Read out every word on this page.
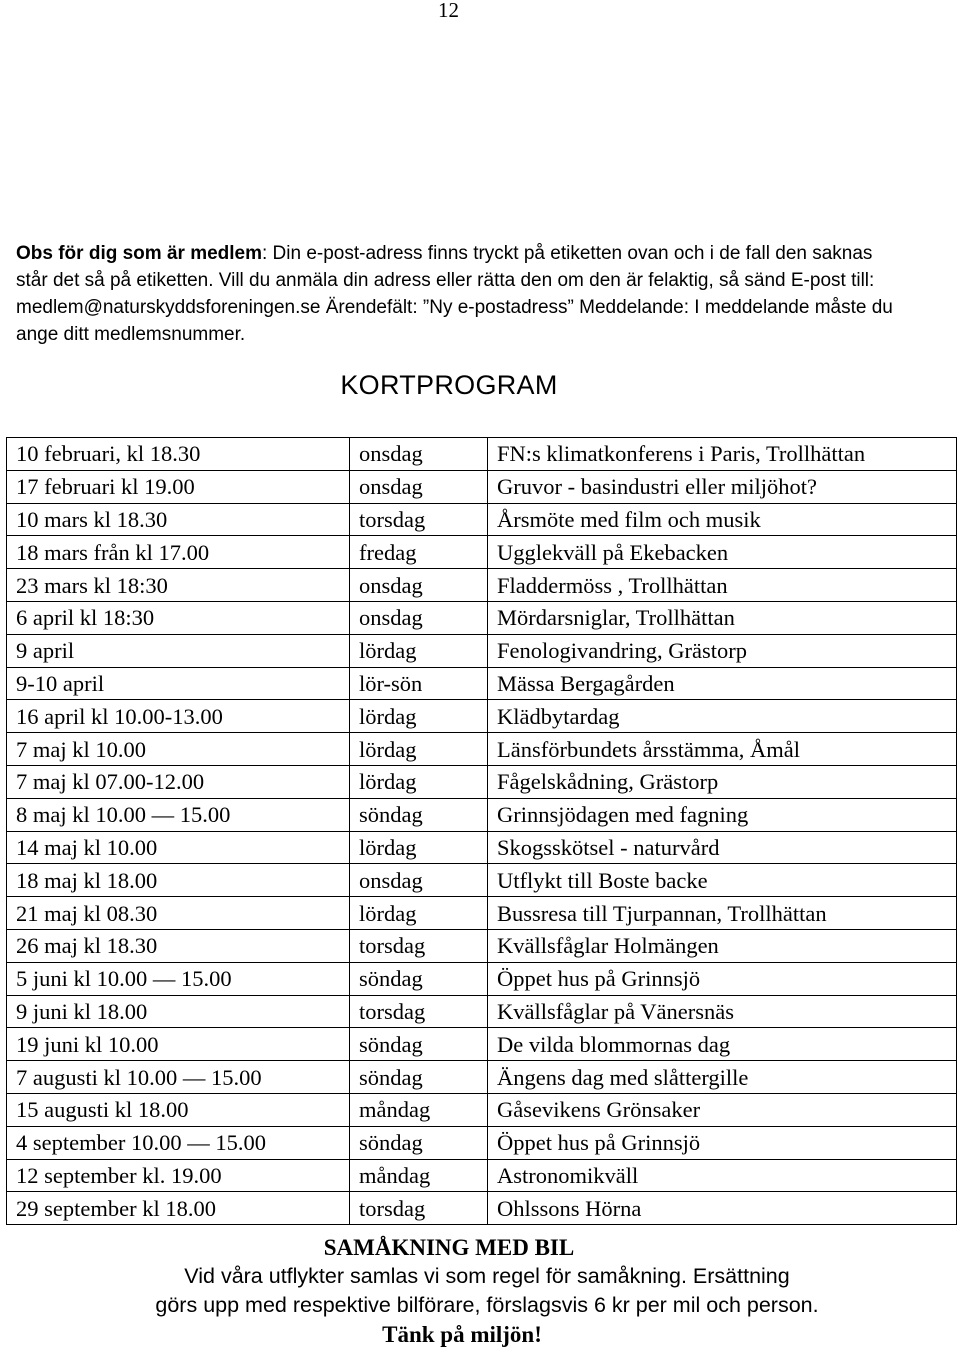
12
Obs för dig som är medlem: Din e-post-adress finns tryckt på etiketten ovan och i de fall den saknas står det så på etiketten. Vill du anmäla din adress eller rätta den om den är felaktig, så sänd E-post till: medlem@naturskyddsforeningen.se Ärendefält: ”Ny e-postadress” Meddelande: I meddelande måste du ange ditt medlemsnummer.
KORTPROGRAM
10 februari, kl 18.30	onsdag	FN:s klimatkonferens i Paris, Trollhättan
17 februari kl 19.00	onsdag	Gruvor - basindustri eller miljöhot?
10 mars kl 18.30	torsdag	Årsmöte med film och musik
18 mars från kl 17.00	fredag	Ugglekväll på Ekebacken
23 mars kl 18:30	onsdag	Fladdermöss , Trollhättan
6 april kl 18:30	onsdag	Mördarsniglar, Trollhättan
9 april	lördag	Fenologivandring, Grästorp
9-10 april	lör-sön	Mässa Bergagården
16 april kl 10.00-13.00	lördag	Klädbytardag
7 maj kl 10.00	lördag	Länsförbundets årsstämma, Åmål
7 maj kl 07.00-12.00	lördag	Fågelskådning, Grästorp
8 maj kl 10.00 — 15.00	söndag	Grinnsjödagen med fagning
14 maj kl 10.00	lördag	Skogsskötsel - naturvård
18 maj kl 18.00	onsdag	Utflykt till Boste backe
21 maj kl 08.30	lördag	Bussresa till Tjurpannan, Trollhättan
26 maj kl 18.30	torsdag	Kvällsfåglar Holmängen
5 juni kl 10.00 — 15.00	söndag	Öppet hus på Grinnsjö
9 juni kl 18.00	torsdag	Kvällsfåglar på Vänersnäs
19 juni kl 10.00	söndag	De vilda blommornas dag
7 augusti kl 10.00 — 15.00	söndag	Ängens dag med slåttergille
15 augusti kl 18.00	måndag	Gåsevikens Grönsaker
4 september 10.00 — 15.00	söndag	Öppet hus på Grinnsjö
12 september kl. 19.00	måndag	Astronomikväll
29 september kl 18.00	torsdag	Ohlssons Hörna
SAMÅKNING MED BIL
Vid våra utflykter samlas vi som regel för samåkning. Ersättning
görs upp med respektive bilförare, förslagsvis 6 kr per mil och person.
Tänk på miljön!
